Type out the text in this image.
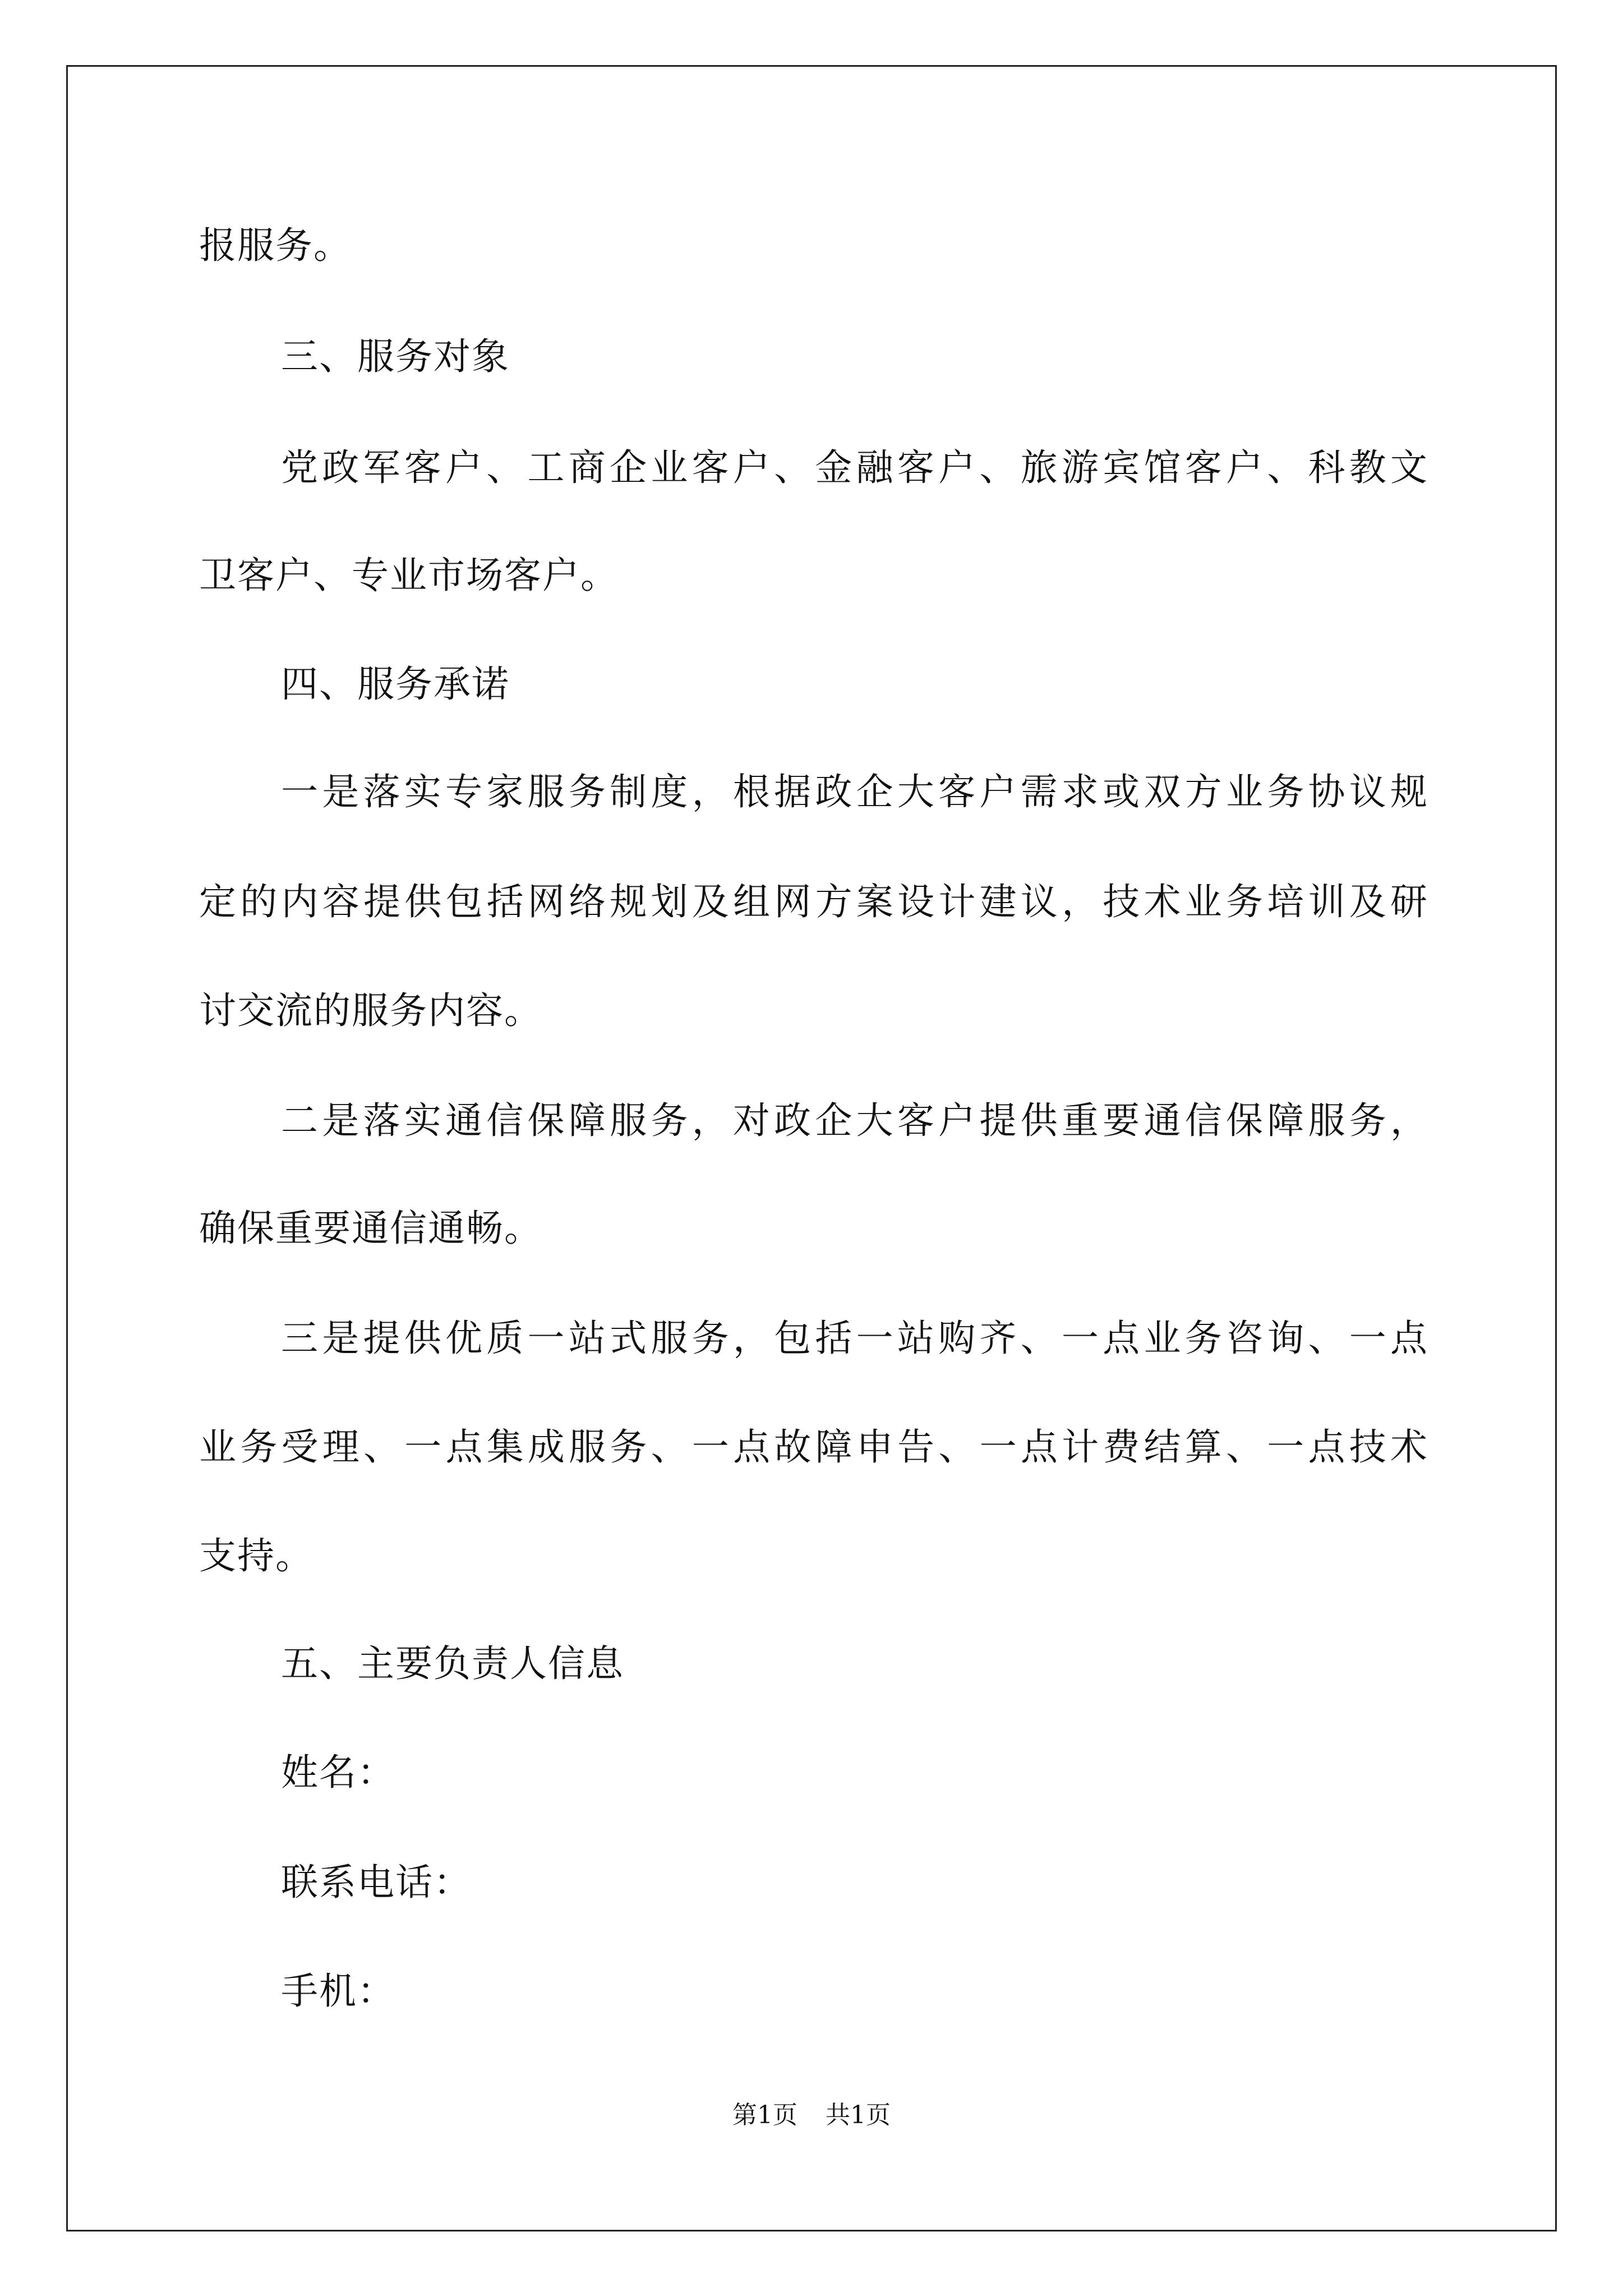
报服务。

三、服务对象

党政军客户、工商企业客户、金融客户、旅游宾馆客户、科教文

卫客户、专业市场客户。

四、服务承诺

一是落实专家服务制度，根据政企大客户需求或双方业务协议规

定的内容提供包括网络规划及组网方案设计建议，技术业务培训及研

讨交流的服务内容。

二是落实通信保障服务，对政企大客户提供重要通信保障服务，

确保重要通信通畅。

三是提供优质一站式服务，包括一站购齐、一点业务咨询、一点

业务受理、一点集成服务、一点故障申告、一点计费结算、一点技术

支持。

五、主要负责人信息

姓名：

联系电话：

手机：

第1页 共1页
